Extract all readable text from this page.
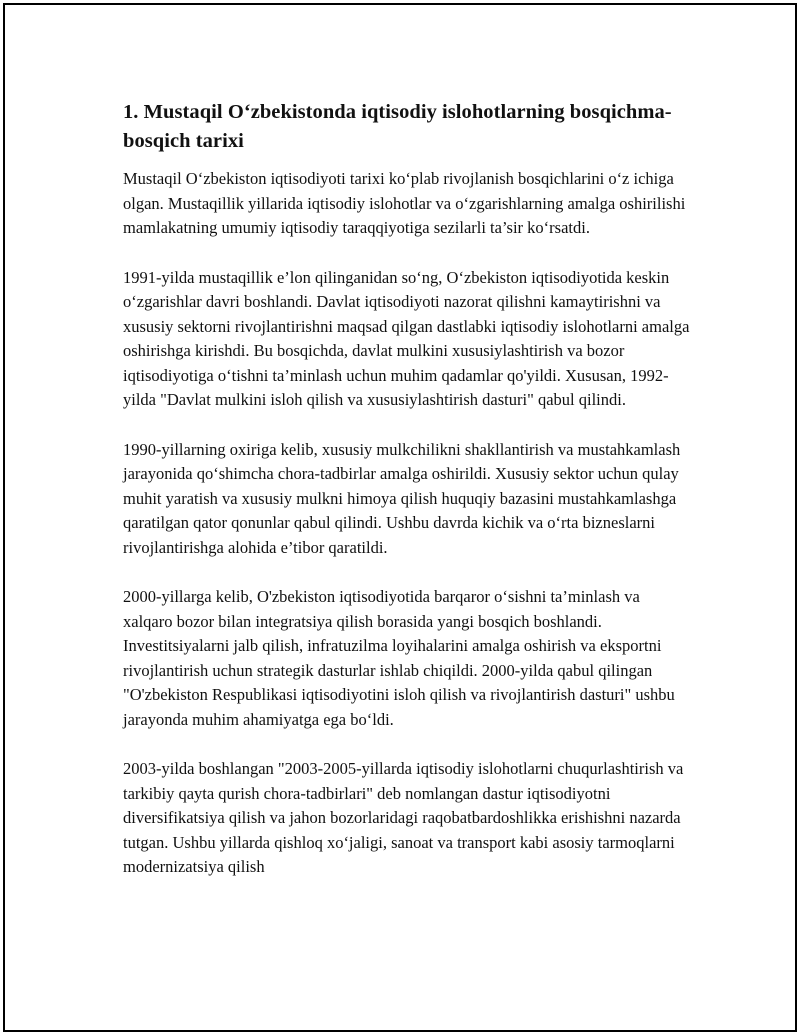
1. Mustaqil O‘zbekistonda iqtisodiy islohotlarning bosqichma-bosqich tarixi

Mustaqil O‘zbekiston iqtisodiyoti tarixi ko‘plab rivojlanish bosqichlarini o‘z ichiga olgan. Mustaqillik yillarida iqtisodiy islohotlar va o‘zgarishlarning amalga oshirilishi mamlakatning umumiy iqtisodiy taraqqiyotiga sezilarli ta’sir ko‘rsatdi.

1991-yilda mustaqillik e’lon qilinganidan so‘ng, O‘zbekiston iqtisodiyotida keskin o‘zgarishlar davri boshlandi. Davlat iqtisodiyoti nazorat qilishni kamaytirishni va xususiy sektorni rivojlantirishni maqsad qilgan dastlabki iqtisodiy islohotlarni amalga oshirishga kirishdi. Bu bosqichda, davlat mulkini xususiylashtirish va bozor iqtisodiyotiga o‘tishni ta’minlash uchun muhim qadamlar qo'yildi. Xususan, 1992-yilda "Davlat mulkini isloh qilish va xususiylashtirish dasturi" qabul qilindi.

1990-yillarning oxiriga kelib, xususiy mulkchilikni shakllantirish va mustahkamlash jarayonida qo‘shimcha chora-tadbirlar amalga oshirildi. Xususiy sektor uchun qulay muhit yaratish va xususiy mulkni himoya qilish huquqiy bazasini mustahkamlashga qaratilgan qator qonunlar qabul qilindi. Ushbu davrda kichik va o‘rta bizneslarni rivojlantirishga alohida e’tibor qaratildi.

2000-yillarga kelib, O'zbekiston iqtisodiyotida barqaror o‘sishni ta’minlash va xalqaro bozor bilan integratsiya qilish borasida yangi bosqich boshlandi. Investitsiyalarni jalb qilish, infratuzilma loyihalarini amalga oshirish va eksportni rivojlantirish uchun strategik dasturlar ishlab chiqildi. 2000-yilda qabul qilingan "O'zbekiston Respublikasi iqtisodiyotini isloh qilish va rivojlantirish dasturi" ushbu jarayonda muhim ahamiyatga ega bo‘ldi.

2003-yilda boshlangan "2003-2005-yillarda iqtisodiy islohotlarni chuqurlashtirish va tarkibiy qayta qurish chora-tadbirlari" deb nomlangan dastur iqtisodiyotni diversifikatsiya qilish va jahon bozorlaridagi raqobatbardoshlikka erishishni nazarda tutgan. Ushbu yillarda qishloq xo‘jaligi, sanoat va transport kabi asosiy tarmoqlarni modernizatsiya qilish
